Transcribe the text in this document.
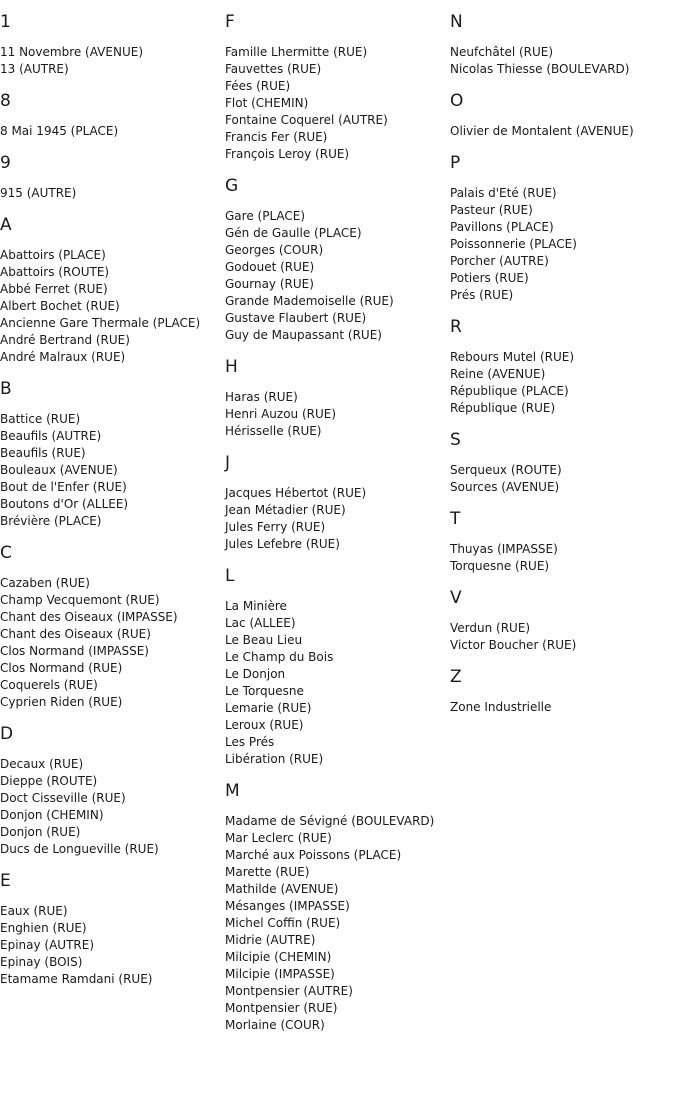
1
11 Novembre (AVENUE)
13 (AUTRE)
8
8 Mai 1945 (PLACE)
9
915 (AUTRE)
A
Abattoirs (PLACE)
Abattoirs (ROUTE)
Abbé Ferret (RUE)
Albert Bochet (RUE)
Ancienne Gare Thermale (PLACE)
André Bertrand (RUE)
André Malraux (RUE)
B
Battice (RUE)
Beaufils (AUTRE)
Beaufils (RUE)
Bouleaux (AVENUE)
Bout de l'Enfer (RUE)
Boutons d'Or (ALLEE)
Brévière (PLACE)
C
Cazaben (RUE)
Champ Vecquemont (RUE)
Chant des Oiseaux (IMPASSE)
Chant des Oiseaux (RUE)
Clos Normand (IMPASSE)
Clos Normand (RUE)
Coquerels (RUE)
Cyprien Riden (RUE)
D
Decaux (RUE)
Dieppe (ROUTE)
Doct Cisseville (RUE)
Donjon (CHEMIN)
Donjon (RUE)
Ducs de Longueville (RUE)
E
Eaux (RUE)
Enghien (RUE)
Epinay (AUTRE)
Epinay (BOIS)
Etamame Ramdani (RUE)
F
Famille Lhermitte (RUE)
Fauvettes (RUE)
Fées (RUE)
Flot (CHEMIN)
Fontaine Coquerel (AUTRE)
Francis Fer (RUE)
François Leroy (RUE)
G
Gare (PLACE)
Gén de Gaulle (PLACE)
Georges (COUR)
Godouet (RUE)
Gournay (RUE)
Grande Mademoiselle (RUE)
Gustave Flaubert (RUE)
Guy de Maupassant (RUE)
H
Haras (RUE)
Henri Auzou (RUE)
Hérisselle (RUE)
J
Jacques Hébertot (RUE)
Jean Métadier (RUE)
Jules Ferry (RUE)
Jules Lefebre (RUE)
L
La Minière
Lac (ALLEE)
Le Beau Lieu
Le Champ du Bois
Le Donjon
Le Torquesne
Lemarie (RUE)
Leroux (RUE)
Les Prés
Libération (RUE)
M
Madame de Sévigné (BOULEVARD)
Mar Leclerc (RUE)
Marché aux Poissons (PLACE)
Marette (RUE)
Mathilde (AVENUE)
Mésanges (IMPASSE)
Michel Coffin (RUE)
Midrie (AUTRE)
Milcipie (CHEMIN)
Milcipie (IMPASSE)
Montpensier (AUTRE)
Montpensier (RUE)
Morlaine (COUR)
N
Neufchâtel (RUE)
Nicolas Thiesse (BOULEVARD)
O
Olivier de Montalent (AVENUE)
P
Palais d'Eté (RUE)
Pasteur (RUE)
Pavillons (PLACE)
Poissonnerie (PLACE)
Porcher (AUTRE)
Potiers (RUE)
Prés (RUE)
R
Rebours Mutel (RUE)
Reine (AVENUE)
République (PLACE)
République (RUE)
S
Serqueux (ROUTE)
Sources (AVENUE)
T
Thuyas (IMPASSE)
Torquesne (RUE)
V
Verdun (RUE)
Victor Boucher (RUE)
Z
Zone Industrielle
